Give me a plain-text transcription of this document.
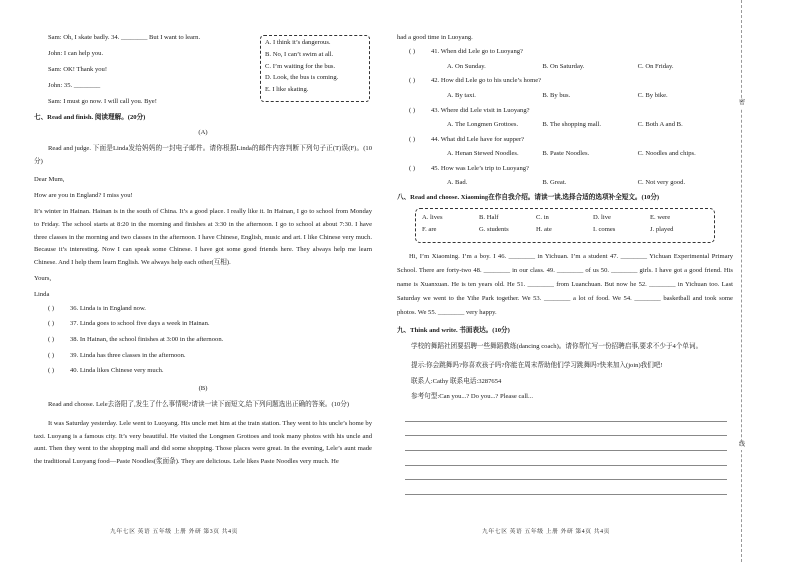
Sam: Oh, I skate badly. 34. ________ But I want to learn.
John: I can help you.
Sam: OK! Thank you!
John: 35. ________
Sam: I must go now. I will call you. Bye!
七、Read and finish. 阅读理解。(20分)
(A)
Read and judge. 下面是Linda发给妈妈的一封电子邮件。请你根据Linda的邮件内容判断下列句子正(T)误(F)。(10分)
Dear Mum,
How are you in England? I miss you!
It’s winter in Hainan. Hainan is in the south of China. It’s a good place. I really like it. In Hainan, I go to school from Monday to Friday. The school starts at 8:20 in the morning and finishes at 3:30 in the afternoon. I go to school at about 7:30. I have three classes in the morning and two classes in the afternoon. I have Chinese, English, music and art. I like Chinese very much. Because it’s interesting. Now I can speak some Chinese. I have got some good friends here. They always help me learn Chinese. And I help them learn English. We always help each other(互相).
Yours,
Linda
( )	36. Linda is in England now.
( )	37. Linda goes to school five days a week in Hainan.
( )	38. In Hainan, the school finishes at 3:00 in the afternoon.
( )	39. Linda has three classes in the afternoon.
( )	40. Linda likes Chinese very much.
(B)
Read and choose. Lele去洛阳了,发生了什么事情呢?请读一读下面短文,给下列问题选出正确的答案。(10分)
It was Saturday yesterday. Lele went to Luoyang. His uncle met him at the train station. They went to his uncle’s home by taxi. Luoyang is a famous city. It’s very beautiful. He visited the Longmen Grottoes and took many photos with his uncle and aunt. Then they went to the shopping mall and did some shopping. Those places were great. In the evening, Lele’s aunt made the traditional Luoyang food—Paste Noodles(浆面条). They are delicious. Lele likes Paste Noodles very much. He
A. I think it’s dangerous.
B. No, I can’t swim at all.
C. I’m waiting for the bus.
D. Look, the bus is coming.
E. I like skating.
九年七区 英语 五年级 上册 外研 第3页 共4页
had a good time in Luoyang.
( )	41. When did Lele go to Luoyang?
A. On Sunday.	B. On Saturday.	C. On Friday.
( )	42. How did Lele go to his uncle’s home?
A. By taxi.	B. By bus.	C. By bike.
( )	43. Where did Lele visit in Luoyang?
A. The Longmen Grottoes.	B. The shopping mall.	C. Both A and B.
( )	44. What did Lele have for supper?
A. Henan Stewed Noodles.	B. Paste Noodles.	C. Noodles and chips.
( )	45. How was Lele’s trip to Luoyang?
A. Bad.	B. Great.	C. Not very good.
八、Read and choose. Xiaoming在作自我介绍。请读一读,选择合适的选项补全短文。(10分)
A. lives	B. Half	C. in	D. live	E. were
F. are	G. students	H. ate	I. comes	J. played
Hi, I’m Xiaoming. I’m a boy. I 46. ________ in Yichuan. I’m a student 47. ________ Yichuan Experimental Primary School. There are forty-two 48. ________ in our class. 49. ________ of us 50. ________ girls. I have got a good friend. His name is Xuanxuan. He is ten years old. He 51. ________ from Luanchuan. But now he 52. ________ in Yichuan too. Last Saturday we went to the Yihe Park together. We 53. ________ a lot of food. We 54. ________ basketball and took some photos. We 55. ________ very happy.
九、Think and write. 书面表达。(10分)
学校的舞蹈社团要招聘一些舞蹈教练(dancing coach)。请你帮忙写一份招聘启事,要求不少于4个单词。
提示:你会跳舞吗?你喜欢孩子吗?你能在周末帮助他们学习跳舞吗?快来加入(join)我们吧!
联系人:Cathy 联系电话:3287654
参考句型:Can you...? Do you...? Please call...
九年七区 英语 五年级 上册 外研 第4页 共4页
密
线
